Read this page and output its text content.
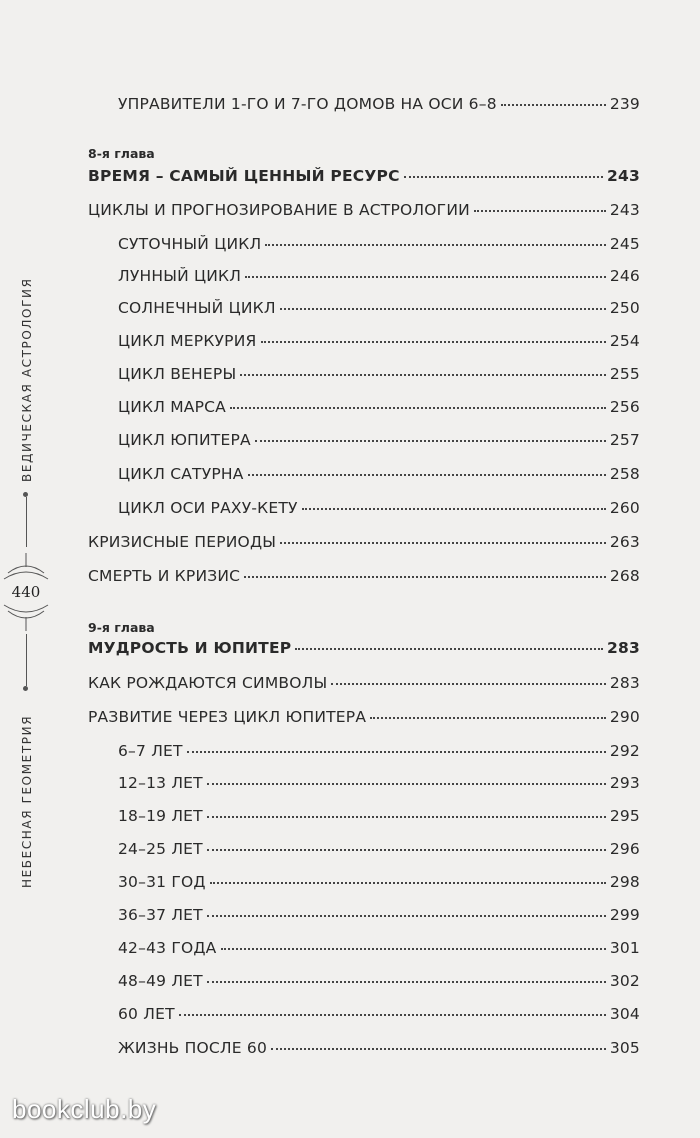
ВЕДИЧЕСКАЯ АСТРОЛОГИЯ
440
НЕБЕСНАЯ ГЕОМЕТРИЯ
УПРАВИТЕЛИ 1-ГО И 7-ГО ДОМОВ НА ОСИ 6–8	239
8-я глава
ВРЕМЯ – САМЫЙ ЦЕННЫЙ РЕСУРС	243
ЦИКЛЫ И ПРОГНОЗИРОВАНИЕ В АСТРОЛОГИИ	243
СУТОЧНЫЙ ЦИКЛ	245
ЛУННЫЙ ЦИКЛ	246
СОЛНЕЧНЫЙ ЦИКЛ	250
ЦИКЛ МЕРКУРИЯ	254
ЦИКЛ ВЕНЕРЫ	255
ЦИКЛ МАРСА	256
ЦИКЛ ЮПИТЕРА	257
ЦИКЛ САТУРНА	258
ЦИКЛ ОСИ РАХУ-КЕТУ	260
КРИЗИСНЫЕ ПЕРИОДЫ	263
СМЕРТЬ И КРИЗИС	268
9-я глава
МУДРОСТЬ И ЮПИТЕР	283
КАК РОЖДАЮТСЯ СИМВОЛЫ	283
РАЗВИТИЕ ЧЕРЕЗ ЦИКЛ ЮПИТЕРА	290
6–7 ЛЕТ	292
12–13 ЛЕТ	293
18–19 ЛЕТ	295
24–25 ЛЕТ	296
30–31 ГОД	298
36–37 ЛЕТ	299
42–43 ГОДА	301
48–49 ЛЕТ	302
60 ЛЕТ	304
ЖИЗНЬ ПОСЛЕ 60	305
bookclub.by
